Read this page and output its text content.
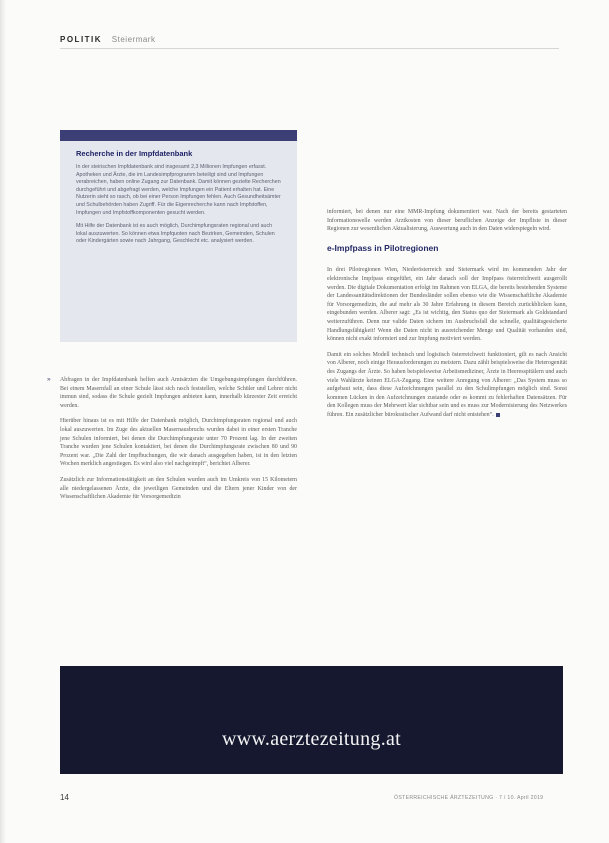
POLITIK Steiermark
Recherche in der Impfdatenbank

In der steirischen Impfdatenbank sind insgesamt 2,3 Millionen Impfungen erfasst. Apotheken und Ärzte, die im Landesimpfprogramm beteiligt sind und Impfungen verabreichen, haben online Zugang zur Datenbank. Damit können gezielte Recherchen durchgeführt und abgefragt werden, welche Impfungen ein Patient erhalten hat. Eine Nutzerin sieht so rasch, ob bei einer Person Impfungen fehlen. Auch Gesundheitsämter und Schulbehörden haben Zugriff. Für die Eigenrecherche kann nach Impfstoffen, Impfungen und Impfstoffkomponenten gesucht werden.

Mit Hilfe der Datenbank ist es auch möglich, Durchimpfungsraten regional und auch lokal auszuwerten. So können etwa Impfquoten nach Bezirken, Gemeinden, Schulen oder Kindergärten sowie nach Jahrgang, Geschlecht etc. analysiert werden.

» Abfragen in der Impfdatenbank helfen auch Amtsärzten die Umgebungsimpfungen durchführen. Bei einem Masernfall an einer Schule lässt sich rasch feststellen, welche Schüler und Lehrer nicht immun sind, sodass die Schule gezielt Impfungen anbieten kann, innerhalb kürzester Zeit erreicht werden.

Hierüber hinaus ist es mit Hilfe der Datenbank möglich, Durchimpfungsraten regional und auch lokal auszuwerten. Im Zuge des aktuellen Masernausbruchs wurden dabei in einer ersten Tranche jene Schulen informiert, bei denen die Durchimpfungsrate unter 70 Prozent lag. In der zweiten Tranche wurden jene Schulen kontaktiert, bei denen die Durchimpfungsrate zwischen 80 und 90 Prozent war. „Die Zahl der Impfbuchungen, die wir danach ausgegeben haben, ist in den letzten Wochen merklich angestiegen. Es wird also viel nachgeimpft“, berichtet Alberer.

Zusätzlich zur Informationstätigkeit an den Schulen wurden auch im Umkreis von 15 Kilometern alle niedergelassenen Ärzte, die jeweiligen Gemeinden und die Eltern jener Kinder von der Wissenschaftlichen Akademie für Vorsorgemedizin

informiert, bei denen nur eine MMR-Impfung dokumentiert war. Nach der bereits gestarteten Informationswelle werden Arztkosten von dieser beruflichen Anzeige der Impfliste in dieser Regionen zur wesentlichen Aktualisierung, Auswertung auch in den Daten widerspiegeln wird.

e-Impfpass in Pilotregionen

In drei Pilotregionen Wien, Niederösterreich und Steiermark wird im kommenden Jahr der elektronische Impfpass eingeführt, ein Jahr danach soll der Impfpass österreichweit ausgerollt werden. Die digitale Dokumentation erfolgt im Rahmen von ELGA, die bereits bestehenden Systeme der Landessanitätsdirektionen der Bundesländer sollen ebenso wie die Wissenschaftliche Akademie für Vorsorgemedizin, die auf mehr als 30 Jahre Erfahrung in diesem Bereich zurückblicken kann, eingebunden werden. Alberer sagt: „Es ist wichtig, den Status quo der Steiermark als Goldstandard weiterzuführen. Denn nur valide Daten sichern im Ausbruchsfall die schnelle, qualitätsgesicherte Handlungsfähigkeit! Wenn die Daten nicht in ausreichender Menge und Qualität vorhanden sind, können nicht exakt informiert und zur Impfung motiviert werden.

Damit ein solches Modell technisch und logistisch österreichweit funktioniert, gilt es nach Ansicht von Alberer, noch einige Herausforderungen zu meistern. Dazu zählt beispielsweise die Heterogenität des Zugangs der Ärzte. So haben beispielsweise Arbeitsmediziner, Ärzte in Heeresspitälern und auch viele Wahlärzte keinen ELGA-Zugang. Eine weitere Anregung von Alberer: „Das System muss so aufgebaut sein, dass diese Aufzeichnungen parallel zu den Schulimpfungen möglich sind. Sonst kommen Lücken in den Aufzeichnungen zustande oder es kommt zu fehlerhaften Datensätzen. Für den Kollegen muss der Mehrwert klar sichtbar sein und es muss zur Modernisierung des Netzwerkes führen. Ein zusätzlicher bürokratischer Aufwand darf nicht entstehen“.

www.aerztezeitung.at
14	ÖSTERREICHISCHE ÄRZTEZEITUNG · 7 / 10. April 2019
